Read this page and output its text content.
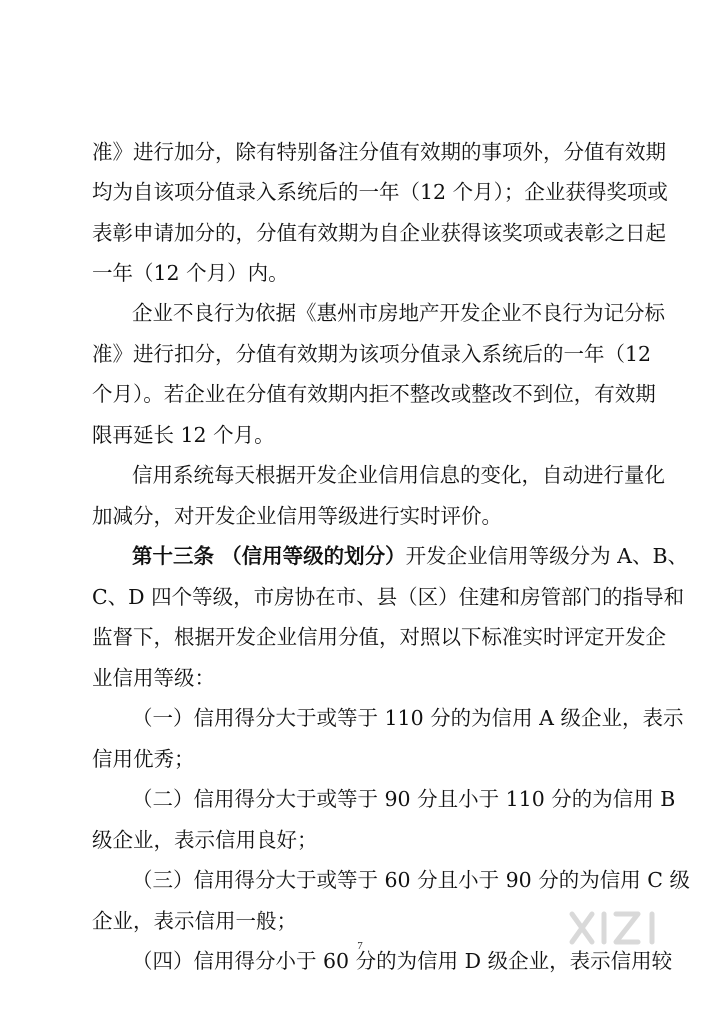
准》进行加分，除有特别备注分值有效期的事项外，分值有效期
均为自该项分值录入系统后的一年（12 个月）；企业获得奖项或
表彰申请加分的，分值有效期为自企业获得该奖项或表彰之日起
一年（12 个月）内。
企业不良行为依据《惠州市房地产开发企业不良行为记分标
准》进行扣分，分值有效期为该项分值录入系统后的一年（12
个月）。若企业在分值有效期内拒不整改或整改不到位，有效期
限再延长 12 个月。
信用系统每天根据开发企业信用信息的变化，自动进行量化
加减分，对开发企业信用等级进行实时评价。
第十三条 （信用等级的划分）开发企业信用等级分为 A、B、
C、D 四个等级，市房协在市、县（区）住建和房管部门的指导和
监督下，根据开发企业信用分值，对照以下标准实时评定开发企
业信用等级：
（一）信用得分大于或等于 110 分的为信用 A 级企业，表示
信用优秀；
（二）信用得分大于或等于 90 分且小于 110 分的为信用 B
级企业，表示信用良好；
（三）信用得分大于或等于 60 分且小于 90 分的为信用 C 级
企业，表示信用一般；
（四）信用得分小于 60 分的为信用 D 级企业，表示信用较
7
